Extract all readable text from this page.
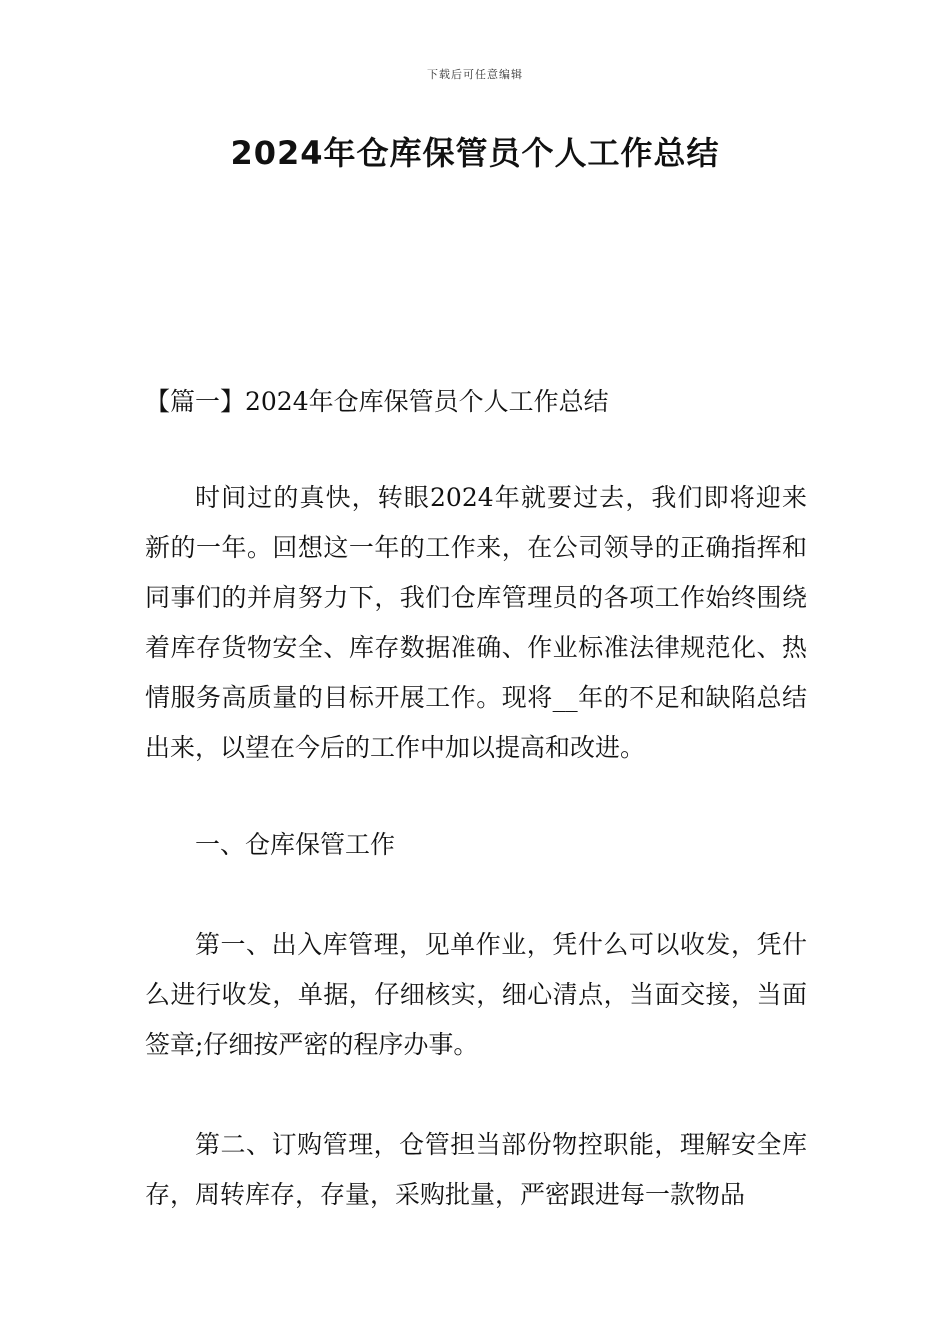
下载后可任意编辑
2024年仓库保管员个人工作总结

【篇一】2024年仓库保管员个人工作总结

时间过的真快，转眼2024年就要过去，我们即将迎来新的一年。回想这一年的工作来，在公司领导的正确指挥和同事们的并肩努力下，我们仓库管理员的各项工作始终围绕着库存货物安全、库存数据准确、作业标准法律规范化、热情服务高质量的目标开展工作。现将__年的不足和缺陷总结出来，以望在今后的工作中加以提高和改进。

一、仓库保管工作

第一、出入库管理，见单作业，凭什么可以收发，凭什么进行收发，单据，仔细核实，细心清点，当面交接，当面签章;仔细按严密的程序办事。

第二、订购管理，仓管担当部份物控职能，理解安全库存，周转库存，存量，采购批量，严密跟进每一款物品
